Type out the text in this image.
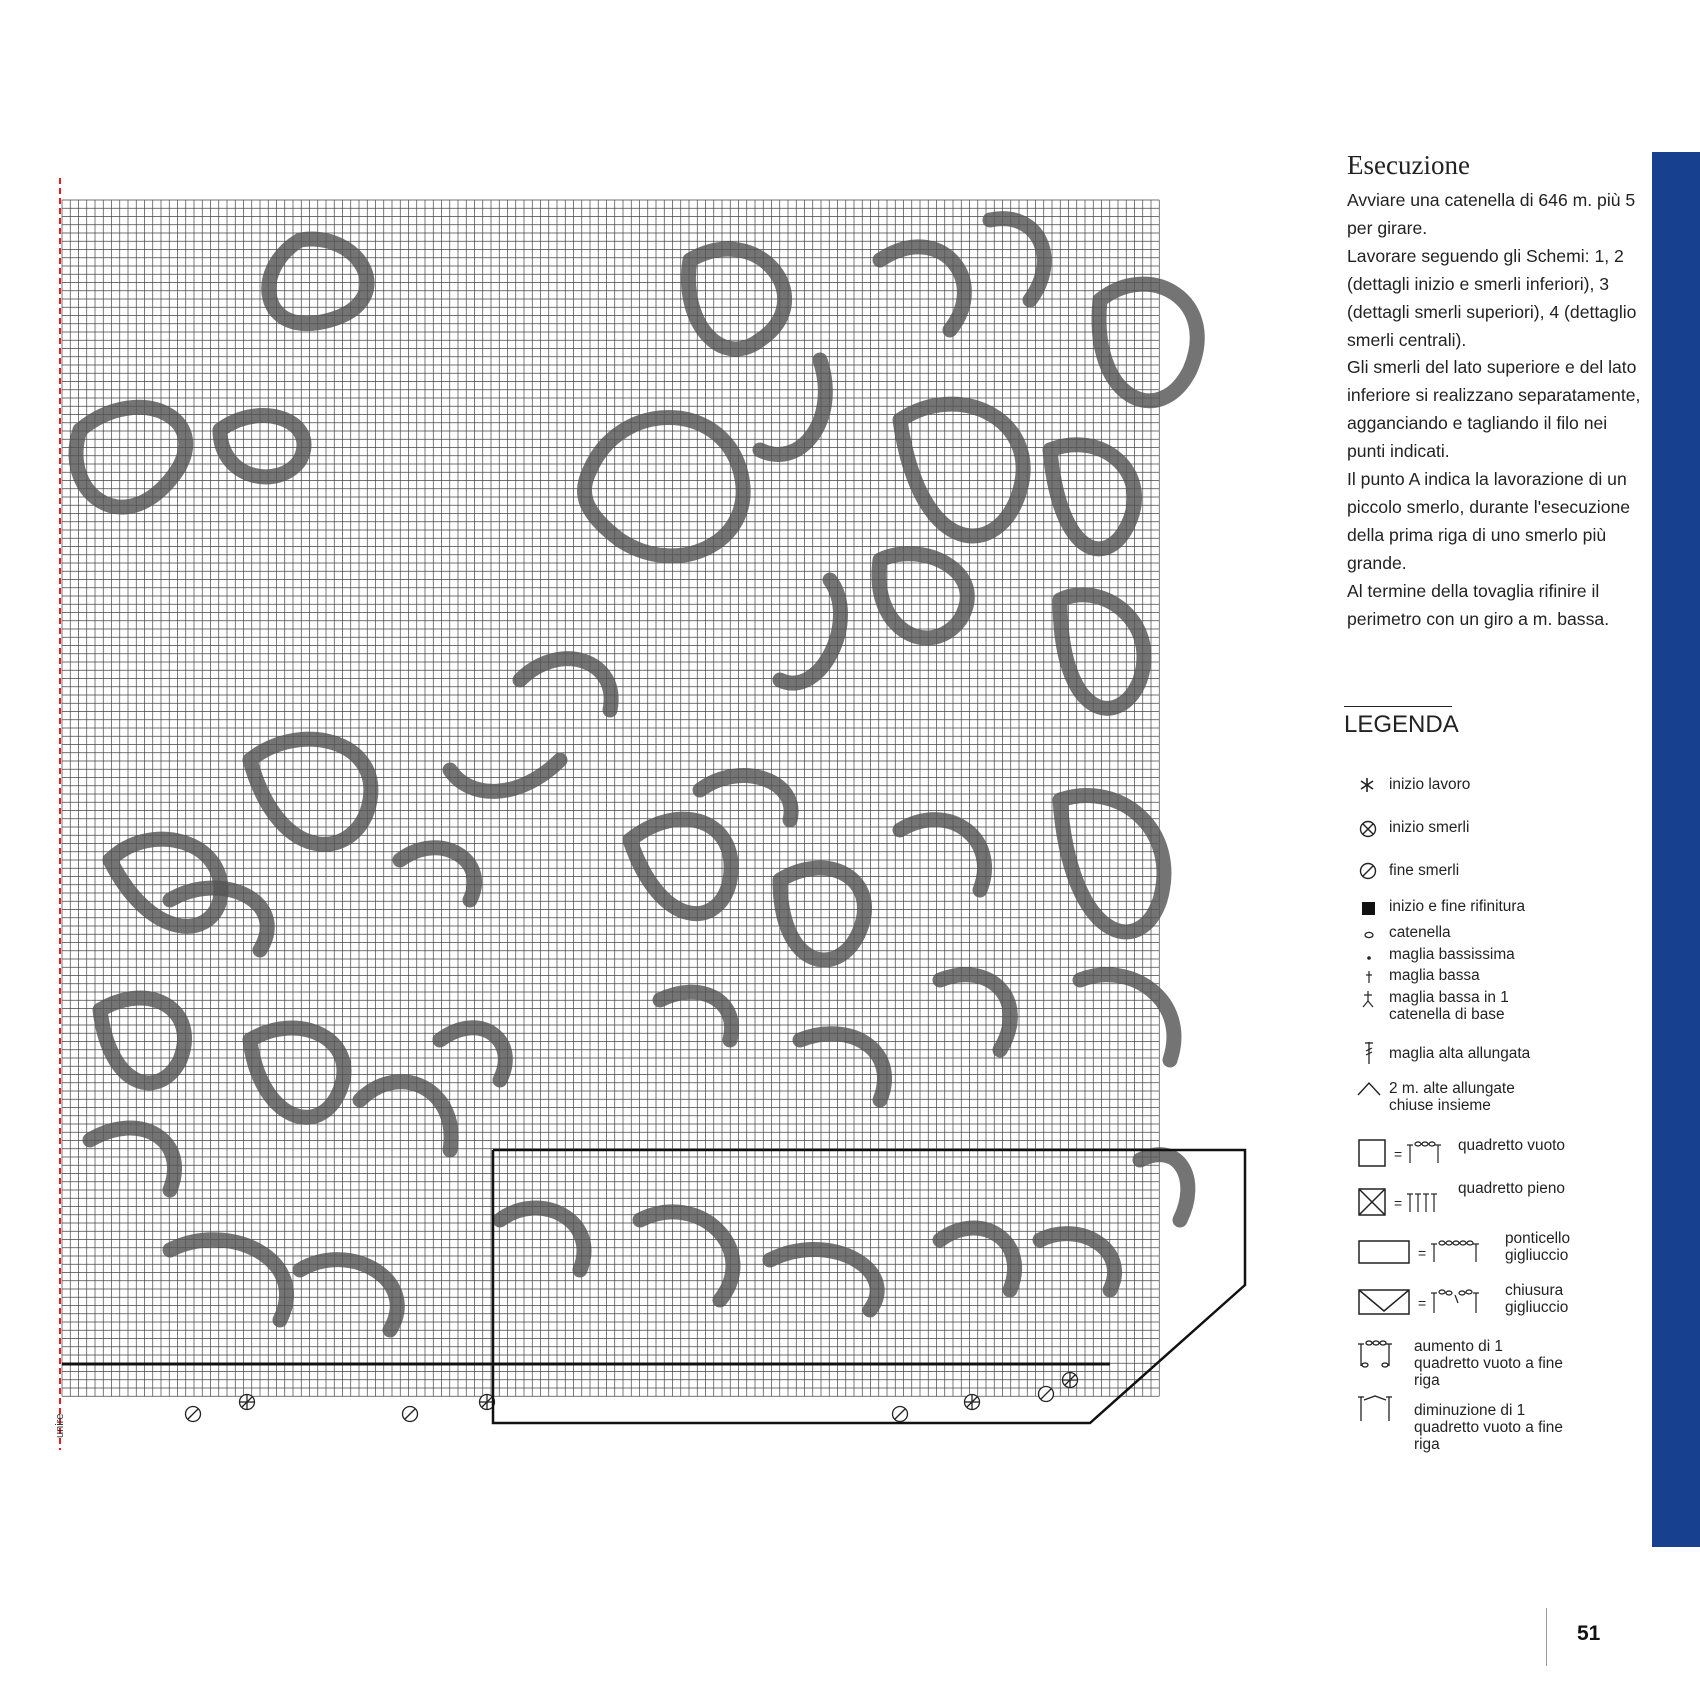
unire
Esecuzione

Avviare una catenella di 646 m. più 5 per girare.

Lavorare seguendo gli Schemi: 1, 2 (dettagli inizio e smerli inferiori), 3 (dettagli smerli superiori), 4 (dettaglio smerli centrali).

Gli smerli del lato superiore e del lato inferiore si realizzano separatamente, agganciando e tagliando il filo nei punti indicati.

Il punto A indica la lavorazione di un piccolo smerlo, durante l'esecuzione della prima riga di uno smerlo più grande.

Al termine della tovaglia rifinire il perimetro con un giro a m. bassa.

LEGENDA
=
=
=
=
inizio lavoro
inizio smerli
fine smerli
inizio e fine rifinitura
catenella
maglia bassissima
maglia bassa
maglia bassa in 1 catenella di base
maglia alta allungata
2 m. alte allungate chiuse insieme
quadretto vuoto
quadretto pieno
ponticello gigliuccio
chiusura gigliuccio
aumento di 1 quadretto vuoto a fine riga
diminuzione di 1 quadretto vuoto a fine riga
51
